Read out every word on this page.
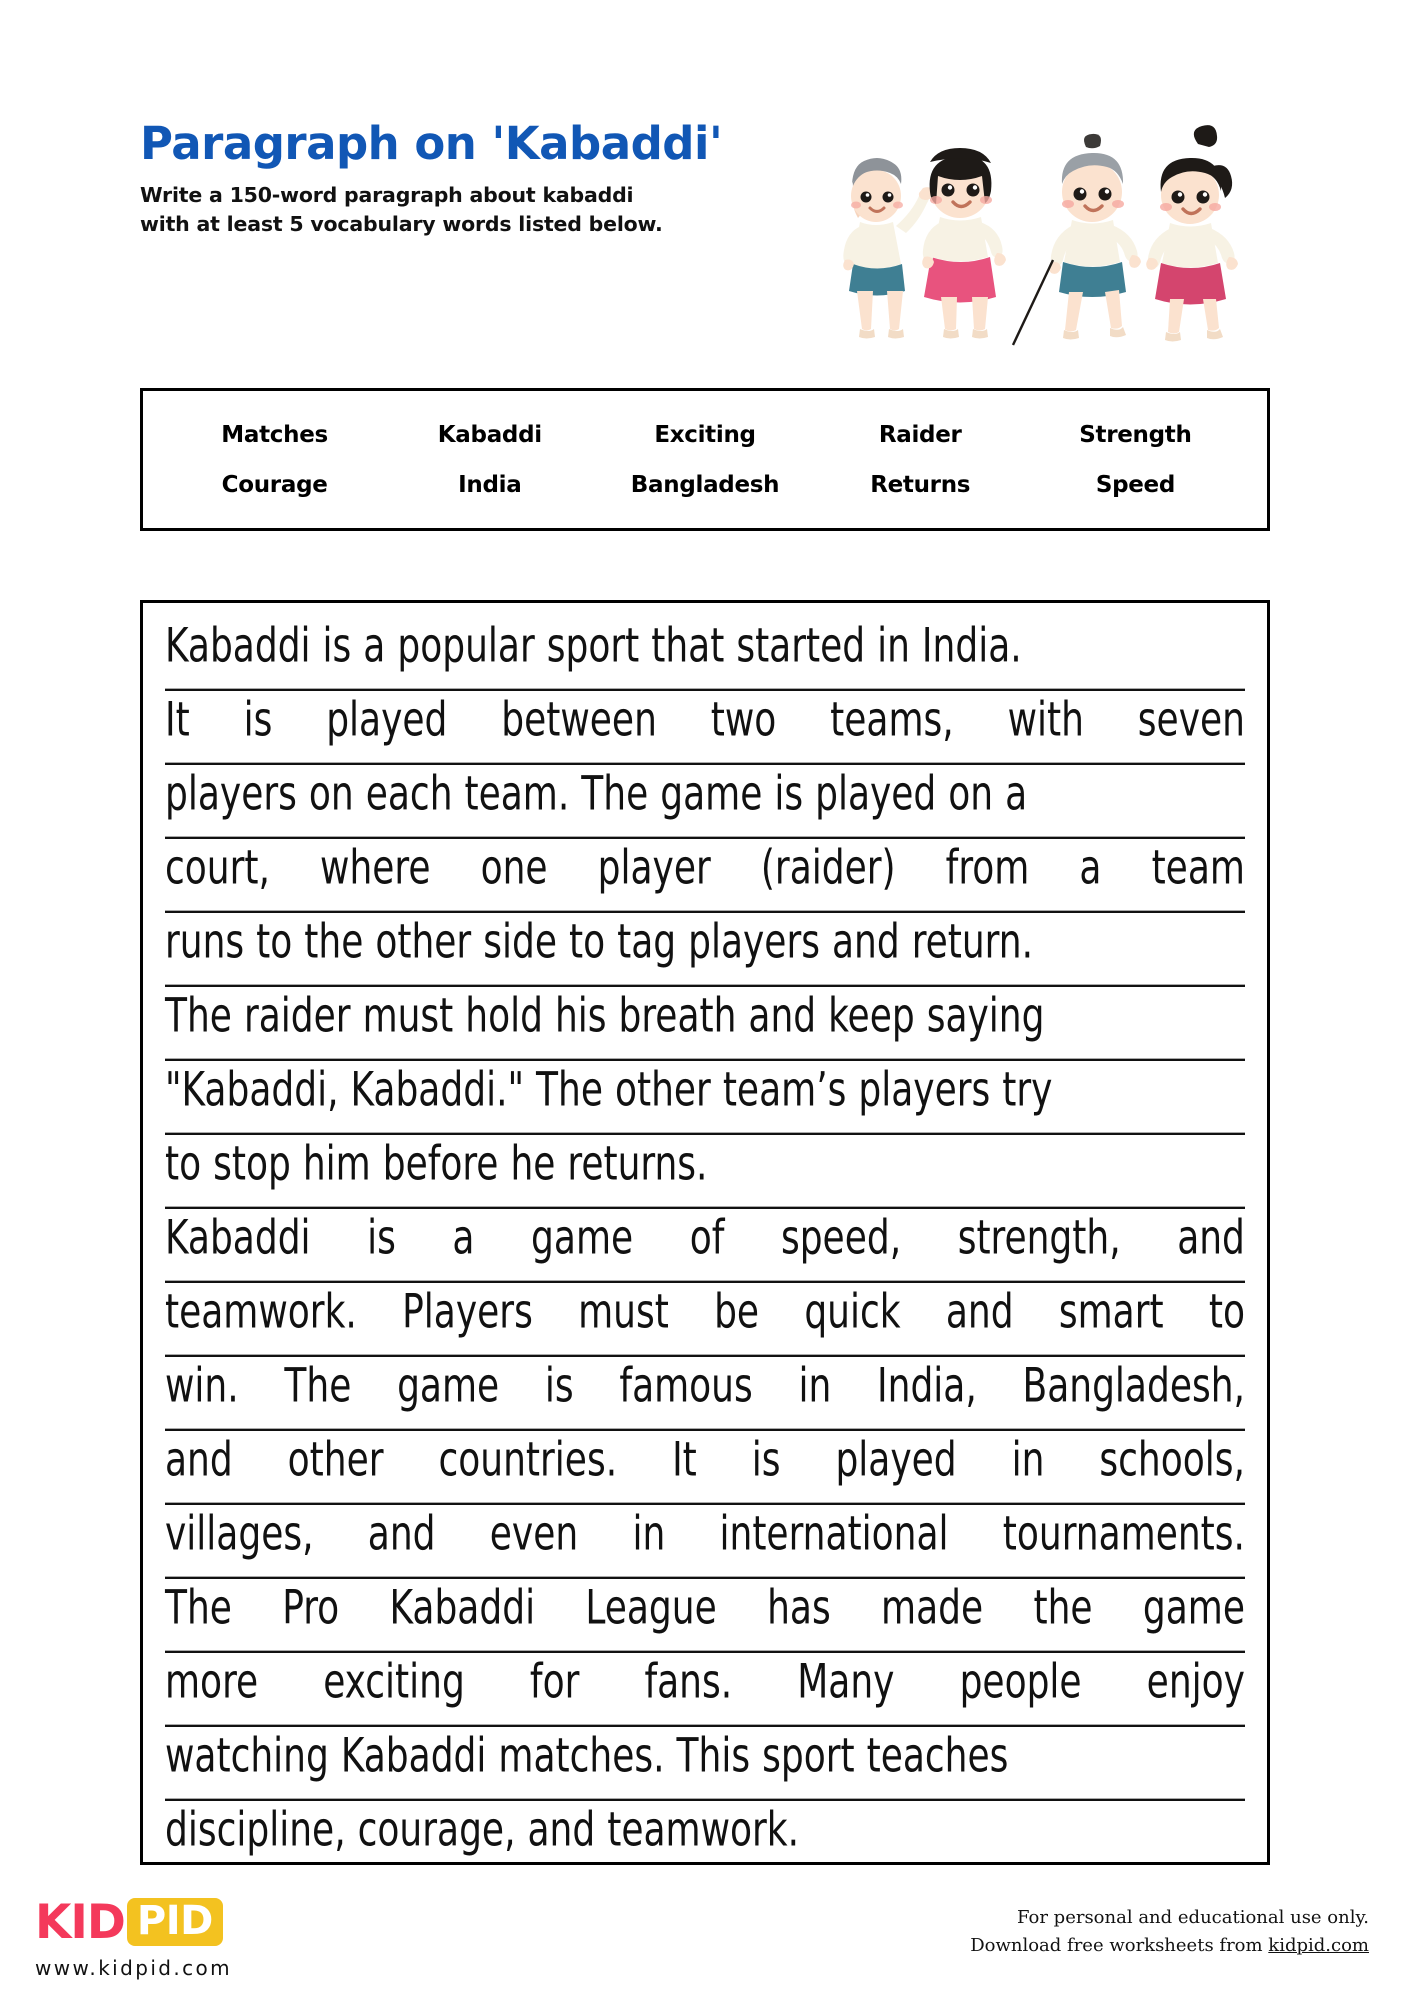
Paragraph on 'Kabaddi'

Write a 150-word paragraph about kabaddi
with at least 5 vocabulary words listed below.

Matches	Kabaddi	Exciting	Raider	Strength
Courage	India	Bangladesh	Returns	Speed
Kabaddi is a popular sport that started in India.
It is played between two teams, with seven
players on each team. The game is played on a
court, where one player (raider) from a team
runs to the other side to tag players and return.
The raider must hold his breath and keep saying
"Kabaddi, Kabaddi." The other team’s players try
to stop him before he returns.
Kabaddi is a game of speed, strength, and
teamwork. Players must be quick and smart to
win. The game is famous in India, Bangladesh,
and other countries. It is played in schools,
villages, and even in international tournaments.
The Pro Kabaddi League has made the game
more exciting for fans. Many people enjoy
watching Kabaddi matches. This sport teaches
discipline, courage, and teamwork.
KID PID
www.kidpid.com
For personal and educational use only.
Download free worksheets from kidpid.com
